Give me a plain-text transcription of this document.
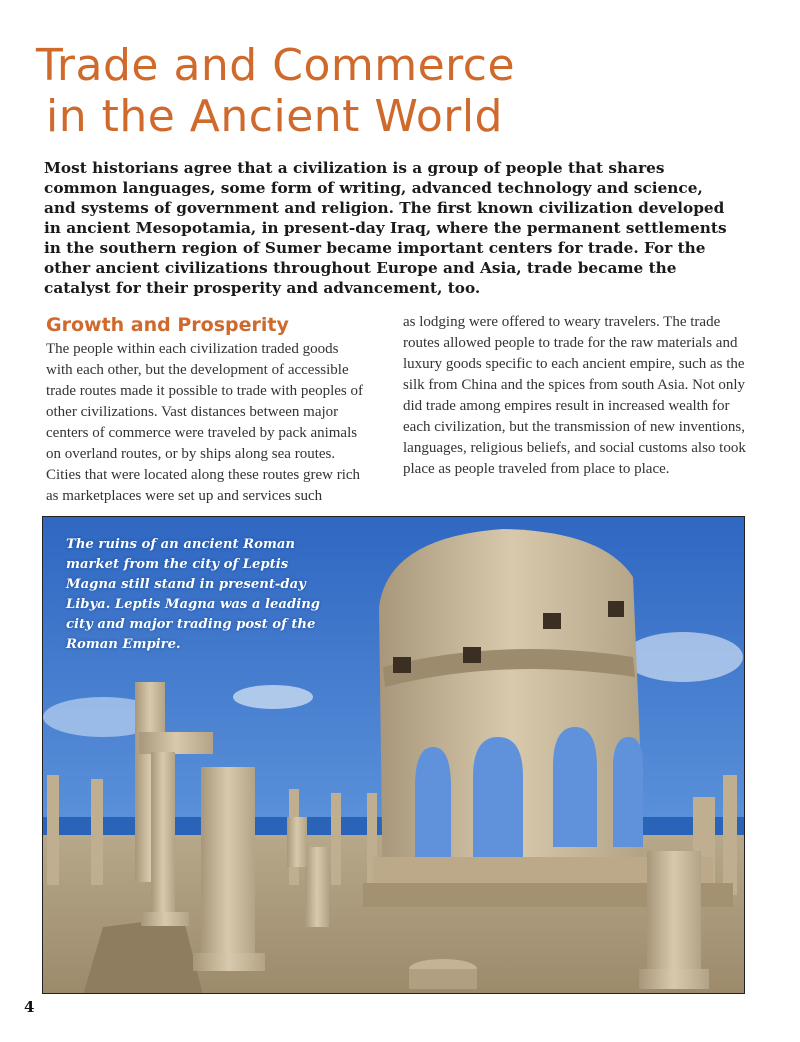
Trade and Commerce
in the Ancient World

Most historians agree that a civilization is a group of people that shares common languages, some form of writing, advanced technology and science, and systems of government and religion. The first known civilization developed in ancient Mesopotamia, in present-day Iraq, where the permanent settlements in the southern region of Sumer became important centers for trade. For the other ancient civilizations throughout Europe and Asia, trade became the catalyst for their prosperity and advancement, too.

Growth and Prosperity

The people within each civilization traded goods with each other, but the development of accessible trade routes made it possible to trade with peoples of other civilizations. Vast distances between major centers of commerce were traveled by pack animals on overland routes, or by ships along sea routes. Cities that were located along these routes grew rich as marketplaces were set up and services such

as lodging were offered to weary travelers. The trade routes allowed people to trade for the raw materials and luxury goods specific to each ancient empire, such as the silk from China and the spices from south Asia. Not only did trade among empires result in increased wealth for each civilization, but the transmission of new inventions, languages, religious beliefs, and social customs also took place as people traveled from place to place.

The ruins of an ancient Roman market from the city of Leptis Magna still stand in present-day Libya. Leptis Magna was a leading city and major trading post of the Roman Empire.
4
